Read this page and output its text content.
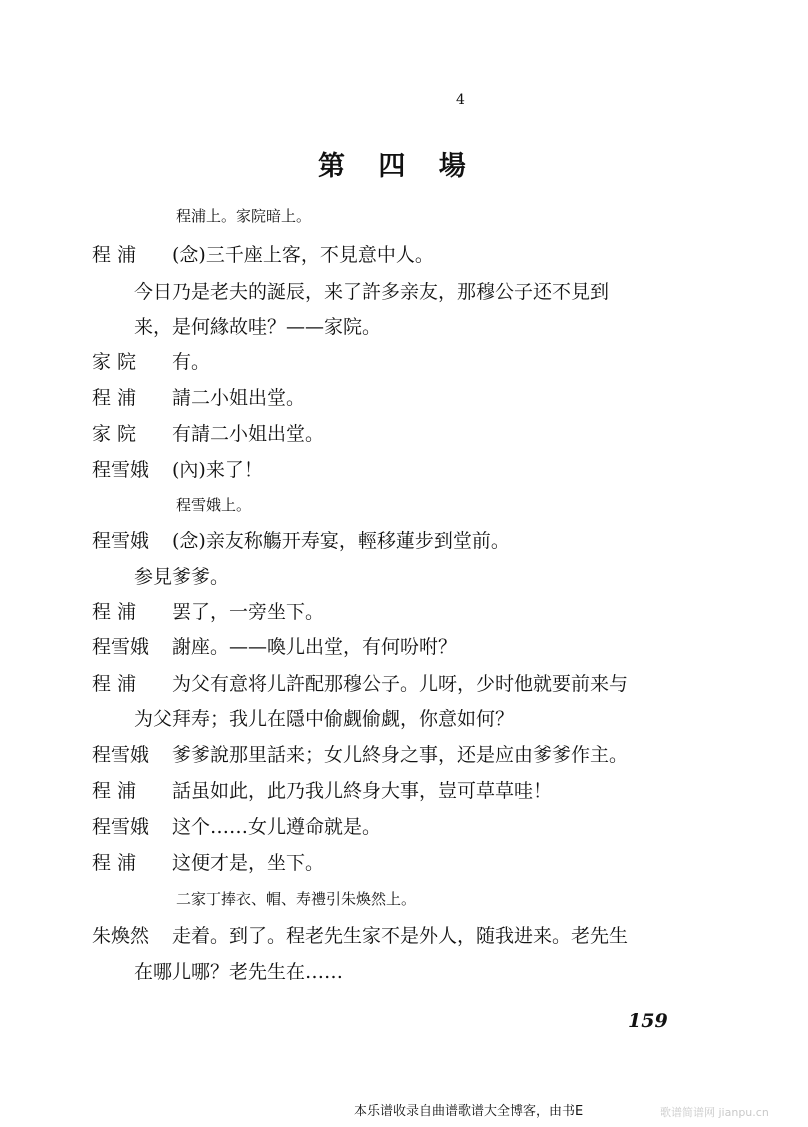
4
第 四 場
程浦上。家院暗上。
程 浦 (念)三千座上客，不見意中人。
今日乃是老夫的誕辰，来了許多亲友，那穆公子还不見到
来，是何緣故哇？——家院。
家 院 有。
程 浦 請二小姐出堂。
家 院 有請二小姐出堂。
程雪娥 (內)来了！
程雪娥上。
程雪娥 (念)亲友称觴开寿宴，輕移蓮步到堂前。
参見爹爹。
程 浦 罢了，一旁坐下。
程雪娥 謝座。——喚儿出堂，有何吩咐？
程 浦 为父有意将儿許配那穆公子。儿呀，少时他就要前来与
为父拜寿；我儿在隱中偷觑偷觑，你意如何？
程雪娥 爹爹說那里話来；女儿終身之事，还是应由爹爹作主。
程 浦 話虽如此，此乃我儿終身大事，豈可草草哇！
程雪娥 这个……女儿遵命就是。
程 浦 这便才是，坐下。
二家丁捧衣、帽、寿禮引朱煥然上。
朱煥然 走着。到了。程老先生家不是外人，随我进来。老先生
在哪儿哪？老先生在……
159
本乐谱收录自曲谱歌谱大全博客，由书E	歌谱简谱网 jianpu.cn
